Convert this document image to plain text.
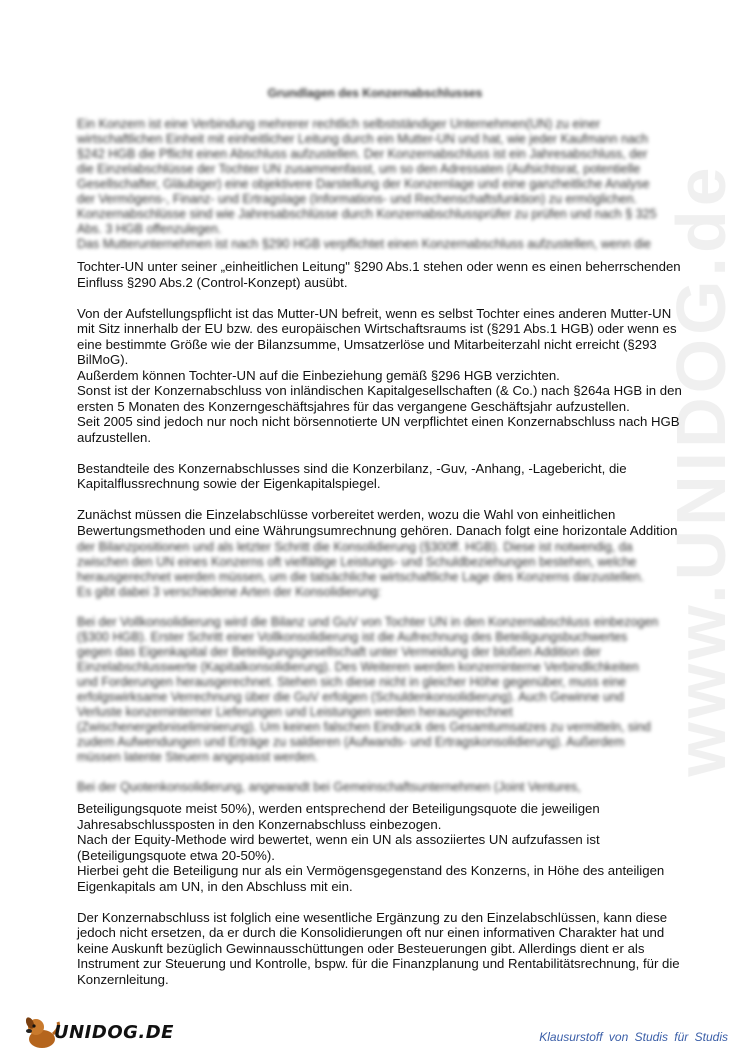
www.UNIDOG.de
Grundlagen des Konzernabschlusses
Ein Konzern ist eine Verbindung mehrerer rechtlich selbstständiger Unternehmen(UN) zu einer
wirtschaftlichen Einheit mit einheitlicher Leitung durch ein Mutter-UN und hat, wie jeder Kaufmann nach
§242 HGB die Pflicht einen Abschluss aufzustellen. Der Konzernabschluss ist ein Jahresabschluss, der
die Einzelabschlüsse der Tochter UN zusammenfasst, um so den Adressaten (Aufsichtsrat, potentielle
Gesellschafter, Gläubiger) eine objektivere Darstellung der Konzernlage und eine ganzheitliche Analyse
der Vermögens-, Finanz- und Ertragslage (Informations- und Rechenschaftsfunktion) zu ermöglichen.
Konzernabschlüsse sind wie Jahresabschlüsse durch Konzernabschlussprüfer zu prüfen und nach § 325
Abs. 3 HGB offenzulegen.
Das Mutterunternehmen ist nach §290 HGB verpflichtet einen Konzernabschluss aufzustellen, wenn die
Tochter-UN unter seiner „einheitlichen Leitung" §290 Abs.1 stehen oder wenn es einen beherrschenden
Einfluss §290 Abs.2 (Control-Konzept) ausübt.
Von der Aufstellungspflicht ist das Mutter-UN befreit, wenn es selbst Tochter eines anderen Mutter-UN
mit Sitz innerhalb der EU bzw. des europäischen Wirtschaftsraums ist (§291 Abs.1 HGB) oder wenn es
eine bestimmte Größe wie der Bilanzsumme, Umsatzerlöse und Mitarbeiterzahl nicht erreicht (§293
BilMoG).
Außerdem können Tochter-UN auf die Einbeziehung gemäß §296 HGB verzichten.
Sonst ist der Konzernabschluss von inländischen Kapitalgesellschaften (& Co.) nach §264a HGB in den
ersten 5 Monaten des Konzerngeschäftsjahres für das vergangene Geschäftsjahr aufzustellen.
Seit 2005 sind jedoch nur noch nicht börsennotierte UN verpflichtet einen Konzernabschluss nach HGB
aufzustellen.
Bestandteile des Konzernabschlusses sind die Konzerbilanz, -Guv, -Anhang, -Lagebericht, die
Kapitalflussrechnung sowie der Eigenkapitalspiegel.
Zunächst müssen die Einzelabschlüsse vorbereitet werden, wozu die Wahl von einheitlichen
Bewertungsmethoden und eine Währungsumrechnung gehören. Danach folgt eine horizontale Addition
der Bilanzpositionen und als letzter Schritt die Konsolidierung (§300ff. HGB). Diese ist notwendig, da
zwischen den UN eines Konzerns oft vielfältige Leistungs- und Schuldbeziehungen bestehen, welche
herausgerechnet werden müssen, um die tatsächliche wirtschaftliche Lage des Konzerns darzustellen.
Es gibt dabei 3 verschiedene Arten der Konsolidierung:
Bei der Vollkonsolidierung wird die Bilanz und GuV von Tochter UN in den Konzernabschluss einbezogen
(§300 HGB). Erster Schritt einer Vollkonsolidierung ist die Aufrechnung des Beteiligungsbuchwertes
gegen das Eigenkapital der Beteiligungsgesellschaft unter Vermeidung der bloßen Addition der
Einzelabschlusswerte (Kapitalkonsolidierung). Des Weiteren werden konzerninterne Verbindlichkeiten
und Forderungen herausgerechnet. Stehen sich diese nicht in gleicher Höhe gegenüber, muss eine
erfolgswirksame Verrechnung über die GuV erfolgen (Schuldenkonsolidierung). Auch Gewinne und
Verluste konzerninterner Lieferungen und Leistungen werden herausgerechnet
(Zwischenergebniseliminierung). Um keinen falschen Eindruck des Gesamtumsatzes zu vermitteln, sind
zudem Aufwendungen und Erträge zu saldieren (Aufwands- und Ertragskonsolidierung). Außerdem
müssen latente Steuern angepasst werden.
Bei der Quotenkonsolidierung, angewandt bei Gemeinschaftsunternehmen (Joint Ventures,
Beteiligungsquote meist 50%), werden entsprechend der Beteiligungsquote die jeweiligen
Jahresabschlussposten in den Konzernabschluss einbezogen.
Nach der Equity-Methode wird bewertet, wenn ein UN als assoziiertes UN aufzufassen ist
(Beteiligungsquote etwa 20-50%).
Hierbei geht die Beteiligung nur als ein Vermögensgegenstand des Konzerns, in Höhe des anteiligen
Eigenkapitals am UN, in den Abschluss mit ein.
Der Konzernabschluss ist folglich eine wesentliche Ergänzung zu den Einzelabschlüssen, kann diese
jedoch nicht ersetzen, da er durch die Konsolidierungen oft nur einen informativen Charakter hat und
keine Auskunft bezüglich Gewinnausschüttungen oder Besteuerungen gibt. Allerdings dient er als
Instrument zur Steuerung und Kontrolle, bspw. für die Finanzplanung und Rentabilitätsrechnung, für die
Konzernleitung.
UNIDOG.DE	Klausurstoff von Studis für Studis
